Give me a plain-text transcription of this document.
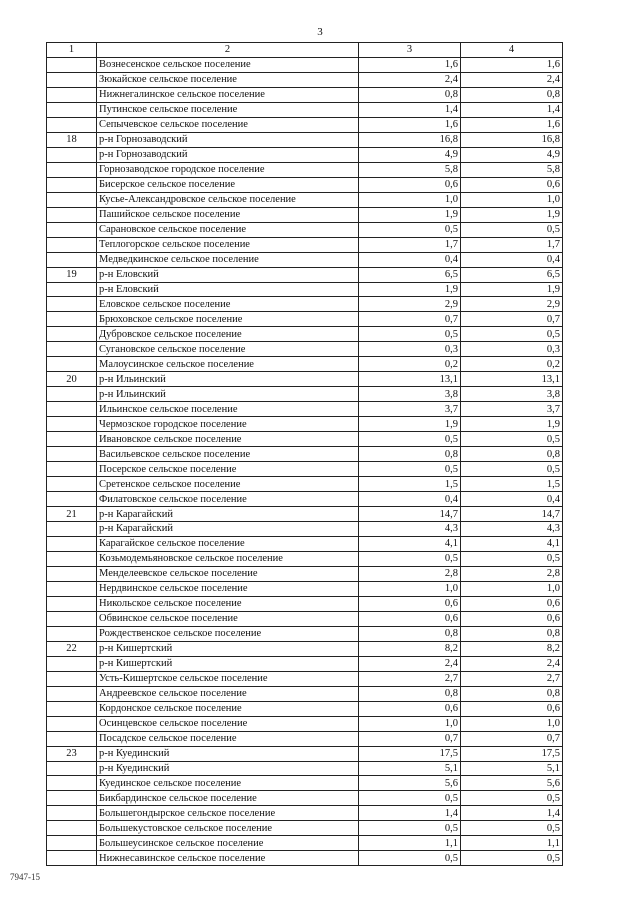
3
1	2	3	4
	Вознесенское сельское поселение	1,6	1,6
	Зюкайское сельское поселение	2,4	2,4
	Нижнегалинское сельское поселение	0,8	0,8
	Путинское сельское поселение	1,4	1,4
	Сепычевское сельское поселение	1,6	1,6
18	р-н Горнозаводский	16,8	16,8
	р-н Горнозаводский	4,9	4,9
	Горнозаводское городское поселение	5,8	5,8
	Бисерское сельское поселение	0,6	0,6
	Кусье-Александровское сельское поселение	1,0	1,0
	Пашийское сельское поселение	1,9	1,9
	Сарановское сельское поселение	0,5	0,5
	Теплогорское сельское поселение	1,7	1,7
	Медведкинское сельское поселение	0,4	0,4
19	р-н Еловский	6,5	6,5
	р-н Еловский	1,9	1,9
	Еловское сельское поселение	2,9	2,9
	Брюховское сельское поселение	0,7	0,7
	Дубровское сельское поселение	0,5	0,5
	Сугановское сельское поселение	0,3	0,3
	Малоусинское сельское поселение	0,2	0,2
20	р-н Ильинский	13,1	13,1
	р-н Ильинский	3,8	3,8
	Ильинское сельское поселение	3,7	3,7
	Чермозское городское поселение	1,9	1,9
	Ивановское сельское поселение	0,5	0,5
	Васильевское сельское поселение	0,8	0,8
	Посерское сельское поселение	0,5	0,5
	Сретенское сельское поселение	1,5	1,5
	Филатовское сельское поселение	0,4	0,4
21	р-н Карагайский	14,7	14,7
	р-н Карагайский	4,3	4,3
	Карагайское сельское поселение	4,1	4,1
	Козьмодемьяновское сельское поселение	0,5	0,5
	Менделеевское сельское поселение	2,8	2,8
	Нердвинское сельское поселение	1,0	1,0
	Никольское сельское поселение	0,6	0,6
	Обвинское сельское поселение	0,6	0,6
	Рождественское сельское поселение	0,8	0,8
22	р-н Кишертский	8,2	8,2
	р-н Кишертский	2,4	2,4
	Усть-Кишертское сельское поселение	2,7	2,7
	Андреевское сельское поселение	0,8	0,8
	Кордонское сельское поселение	0,6	0,6
	Осинцевское сельское поселение	1,0	1,0
	Посадское сельское поселение	0,7	0,7
23	р-н Куединский	17,5	17,5
	р-н Куединский	5,1	5,1
	Куединское сельское поселение	5,6	5,6
	Бикбардинское сельское поселение	0,5	0,5
	Большегондырское сельское поселение	1,4	1,4
	Большекустовское сельское поселение	0,5	0,5
	Большеусинское сельское поселение	1,1	1,1
	Нижнесавинское сельское поселение	0,5	0,5
7947-15
